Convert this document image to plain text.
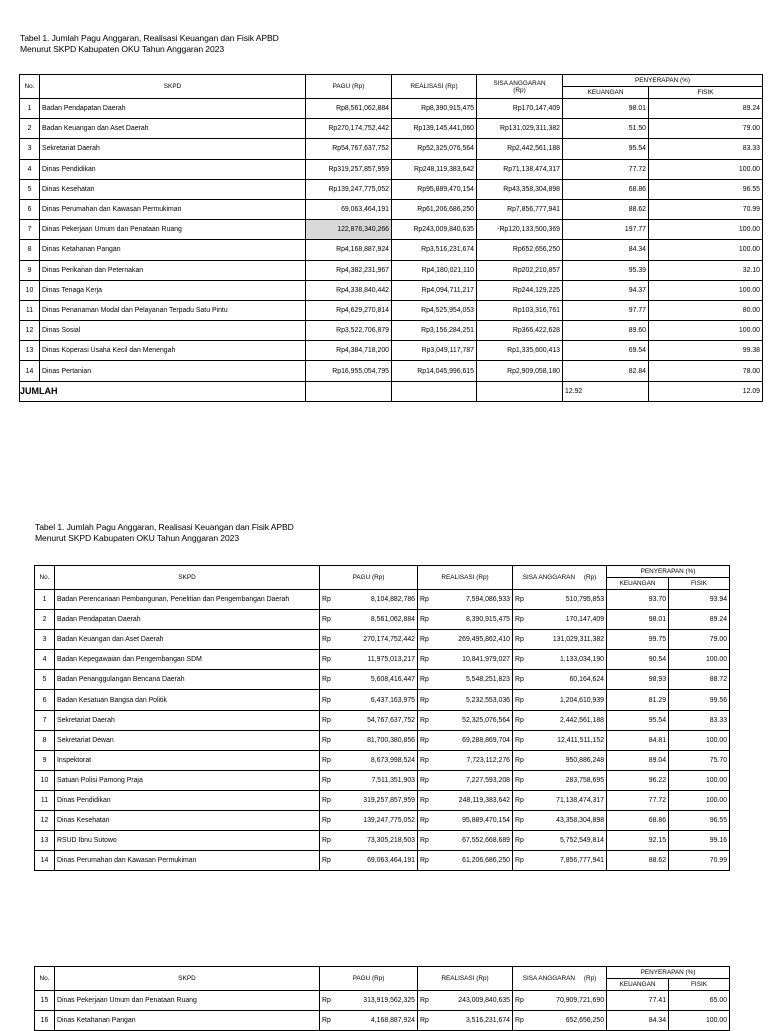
Tabel 1. Jumlah Pagu Anggaran, Realisasi Keuangan dan Fisik APBD
Menurut SKPD Kabupaten OKU Tahun Anggaran 2023
No.	SKPD	PAGU (Rp)	REALISASI (Rp)	SISA ANGGARAN
(Rp)	PENYERAPAN (%)	
					KEUANGAN	FISIK
1	Badan Pendapatan Daerah	Rp8,561,062,884	Rp8,390,915,475	Rp170,147,409	98.01	89.24
2	Badan Keuangan dan Aset Daerah	Rp270,174,752,442	Rp139,145,441,060	Rp131,029,311,382	51.50	79.00
3	Sekretariat Daerah	Rp54,767,637,752	Rp52,325,076,564	Rp2,442,561,188	95.54	83.33
4	Dinas Pendidikan	Rp319,257,857,959	Rp248,119,383,642	Rp71,138,474,317	77.72	100.00
5	Dinas Kesehatan	Rp139,247,775,052	Rp95,889,470,154	Rp43,358,304,898	68.86	96.55
6	Dinas Perumahan dan Kawasan Permukiman	69,063,464,191	Rp61,206,686,250	Rp7,856,777,941	88.62	70.99
7	Dinas Pekerjaan Umum dan Penataan Ruang	122,876,340,266	Rp243,009,840,635	-Rp120,133,500,369	197.77	100.00
8	Dinas Ketahanan Pangan	Rp4,168,887,924	Rp3,516,231,674	Rp652,656,250	84.34	100.00
9	Dinas Perikanan dan Peternakan	Rp4,382,231,967	Rp4,180,021,110	Rp202,210,857	95.39	32.10
10	Dinas Tenaga Kerja	Rp4,338,840,442	Rp4,094,711,217	Rp244,129,225	94.37	100.00
11	Dinas Penanaman Modal dan Pelayanan Terpadu Satu Pintu	Rp4,629,270,814	Rp4,525,954,053	Rp103,316,761	97.77	80.00
12	Dinas Sosial	Rp3,522,706,879	Rp3,156,284,251	Rp366,422,628	89.60	100.00
13	Dinas Koperasi Usaha Kecil dan Menengah	Rp4,384,718,200	Rp3,049,117,787	Rp1,335,600,413	69.54	99.38
14	Dinas Pertanian	Rp16,955,054,795	Rp14,045,996,615	Rp2,909,058,180	82.84	78.00
JUMLAH					12.92	12.09
Tabel 1. Jumlah Pagu Anggaran, Realisasi Keuangan dan Fisik APBD
Menurut SKPD Kabupaten OKU Tahun Anggaran 2023
No.	SKPD	PAGU (Rp)		REALISASI (Rp)		SISA ANGGARAN (Rp)		PENYERAPAN (%)	
								KEUANGAN	FISIK
1	Badan Perencanaan Pembangunan, Penelitian dan Pengembangan Daerah	Rp	8,104,882,786	Rp	7,594,086,933	Rp	510,795,853	93.70	93.94
2	Badan Pendapatan Daerah	Rp	8,561,062,884	Rp	8,390,915,475	Rp	170,147,409	98.01	89.24
3	Badan Keuangan dan Aset Daerah	Rp	270,174,752,442	Rp	269,495,862,410	Rp	131,029,311,382	99.75	79.00
4	Badan Kepegawaian dan Pengembangan SDM	Rp	11,975,013,217	Rp	10,841,979,027	Rp	1,133,034,190	90.54	100.00
5	Badan Penanggulangan Bencana Daerah	Rp	5,608,416,447	Rp	5,548,251,823	Rp	60,164,624	98.93	88.72
6	Badan Kesatuan Bangsa dan Politik	Rp	6,437,163,975	Rp	5,232,553,036	Rp	1,204,610,939	81.29	99.56
7	Sekretariat Daerah	Rp	54,767,637,752	Rp	52,325,076,564	Rp	2,442,561,188	95.54	83.33
8	Sekretariat Dewan	Rp	81,700,380,856	Rp	69,288,869,704	Rp	12,411,511,152	84.81	100.00
9	Inspektorat	Rp	8,673,998,524	Rp	7,723,112,276	Rp	950,886,248	89.04	75.70
10	Satuan Polisi Pamong Praja	Rp	7,511,351,903	Rp	7,227,593,208	Rp	283,758,695	96.22	100.00
11	Dinas Pendidikan	Rp	319,257,857,959	Rp	248,119,383,642	Rp	71,138,474,317	77.72	100.00
12	Dinas Kesehatan	Rp	139,247,775,052	Rp	95,889,470,154	Rp	43,358,304,898	68.86	96.55
13	RSUD Ibnu Sutowo	Rp	73,305,218,503	Rp	67,552,668,689	Rp	5,752,549,814	92.15	99.16
14	Dinas Perumahan dan Kawasan Permukiman	Rp	69,063,464,191	Rp	61,206,686,250	Rp	7,856,777,941	88.62	70.99
No.	SKPD	PAGU (Rp)		REALISASI (Rp)		SISA ANGGARAN (Rp)		PENYERAPAN (%)	
								KEUANGAN	FISIK
15	Dinas Pekerjaan Umum dan Penataan Ruang	Rp	313,919,562,325	Rp	243,009,840,635	Rp	70,909,721,690	77.41	65.00
16	Dinas Ketahanan Pangan	Rp	4,168,887,924	Rp	3,516,231,674	Rp	652,656,250	84.34	100.00
